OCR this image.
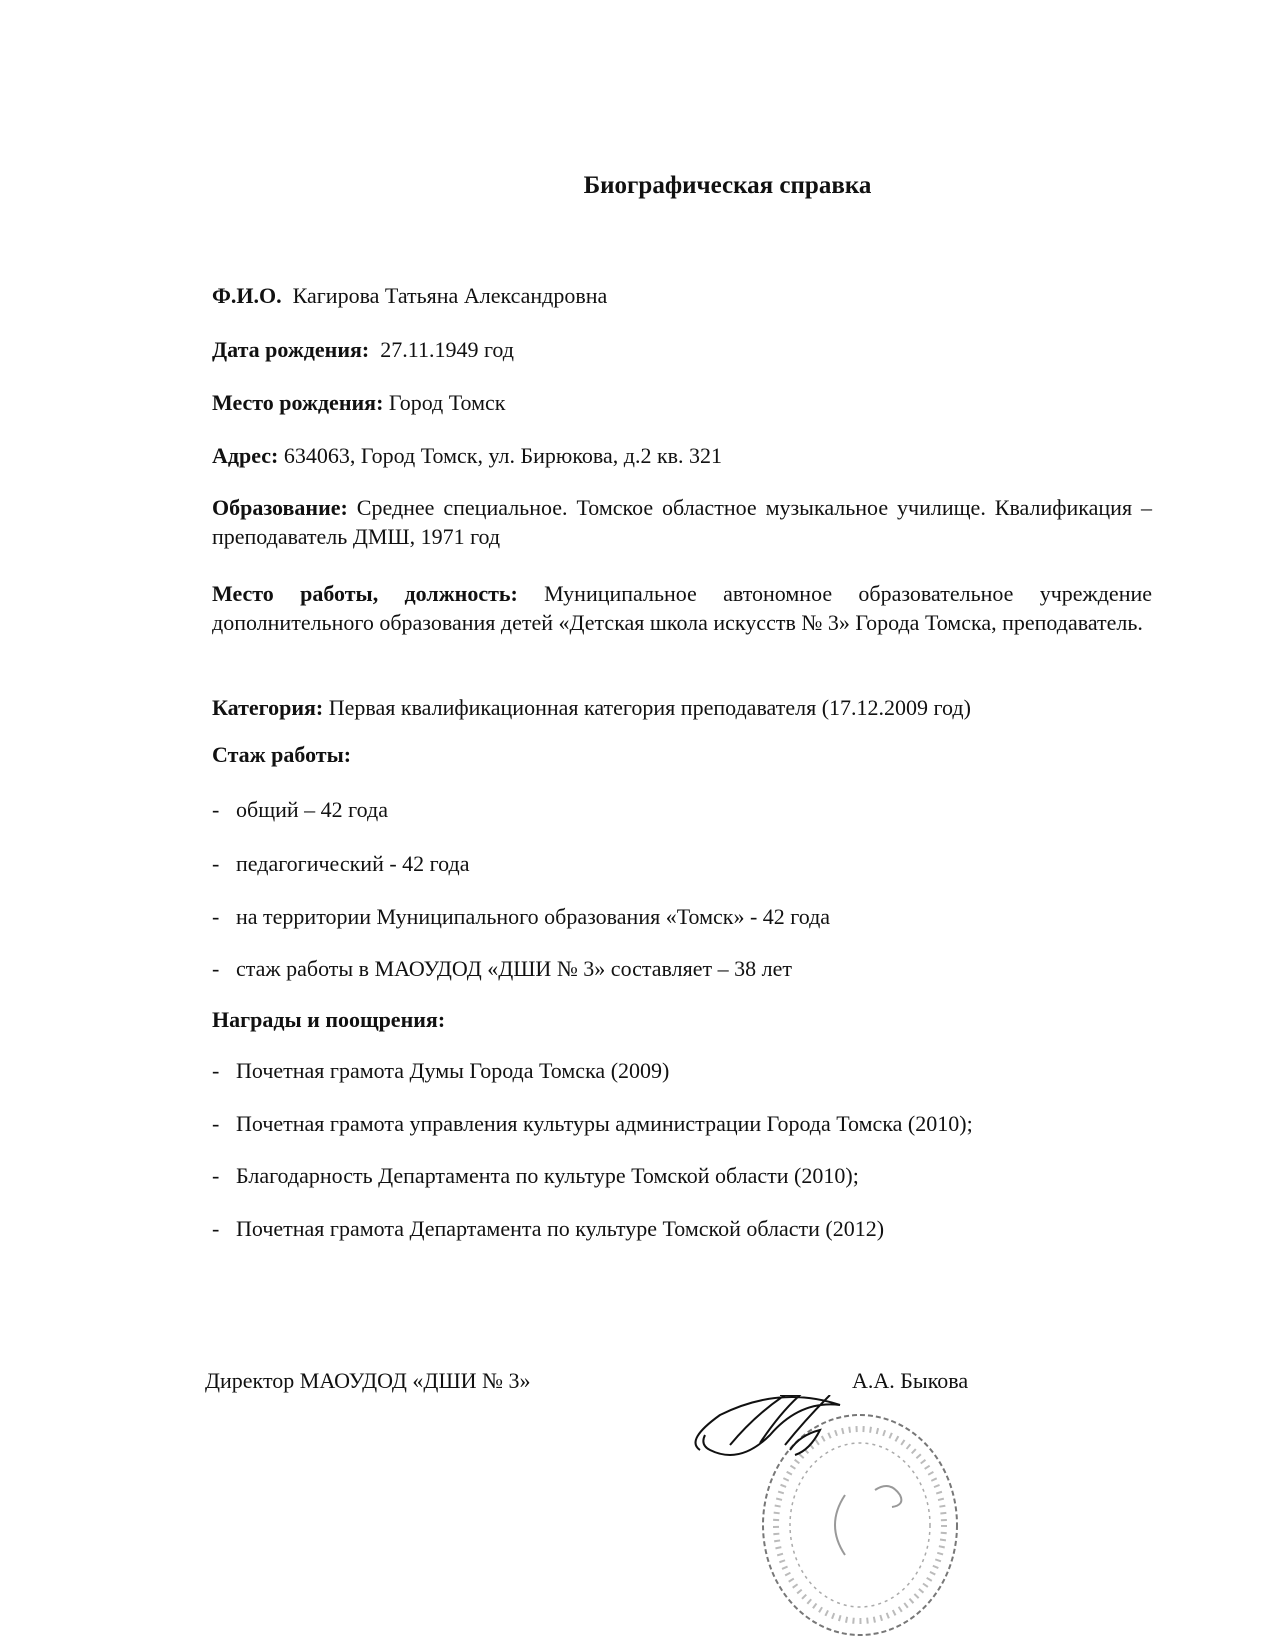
Биографическая справка
Ф.И.О. Кагирова Татьяна Александровна
Дата рождения: 27.11.1949 год
Место рождения: Город Томск
Адрес: 634063, Город Томск, ул. Бирюкова, д.2 кв. 321
Образование: Среднее специальное. Томское областное музыкальное училище. Квалификация – преподаватель ДМШ, 1971 год
Место работы, должность: Муниципальное автономное образовательное учреждение дополнительного образования детей «Детская школа искусств № 3» Города Томска, преподаватель.
Категория: Первая квалификационная категория преподавателя (17.12.2009 год)
Стаж работы:
- общий – 42 года
- педагогический - 42 года
- на территории Муниципального образования «Томск» - 42 года
- стаж работы в МАОУДОД «ДШИ № 3» составляет – 38 лет
Награды и поощрения:
- Почетная грамота Думы Города Томска (2009)
- Почетная грамота управления культуры администрации Города Томска (2010);
- Благодарность Департамента по культуре Томской области (2010);
- Почетная грамота Департамента по культуре Томской области (2012)
Директор МАОУДОД «ДШИ № 3»	А.А. Быкова
